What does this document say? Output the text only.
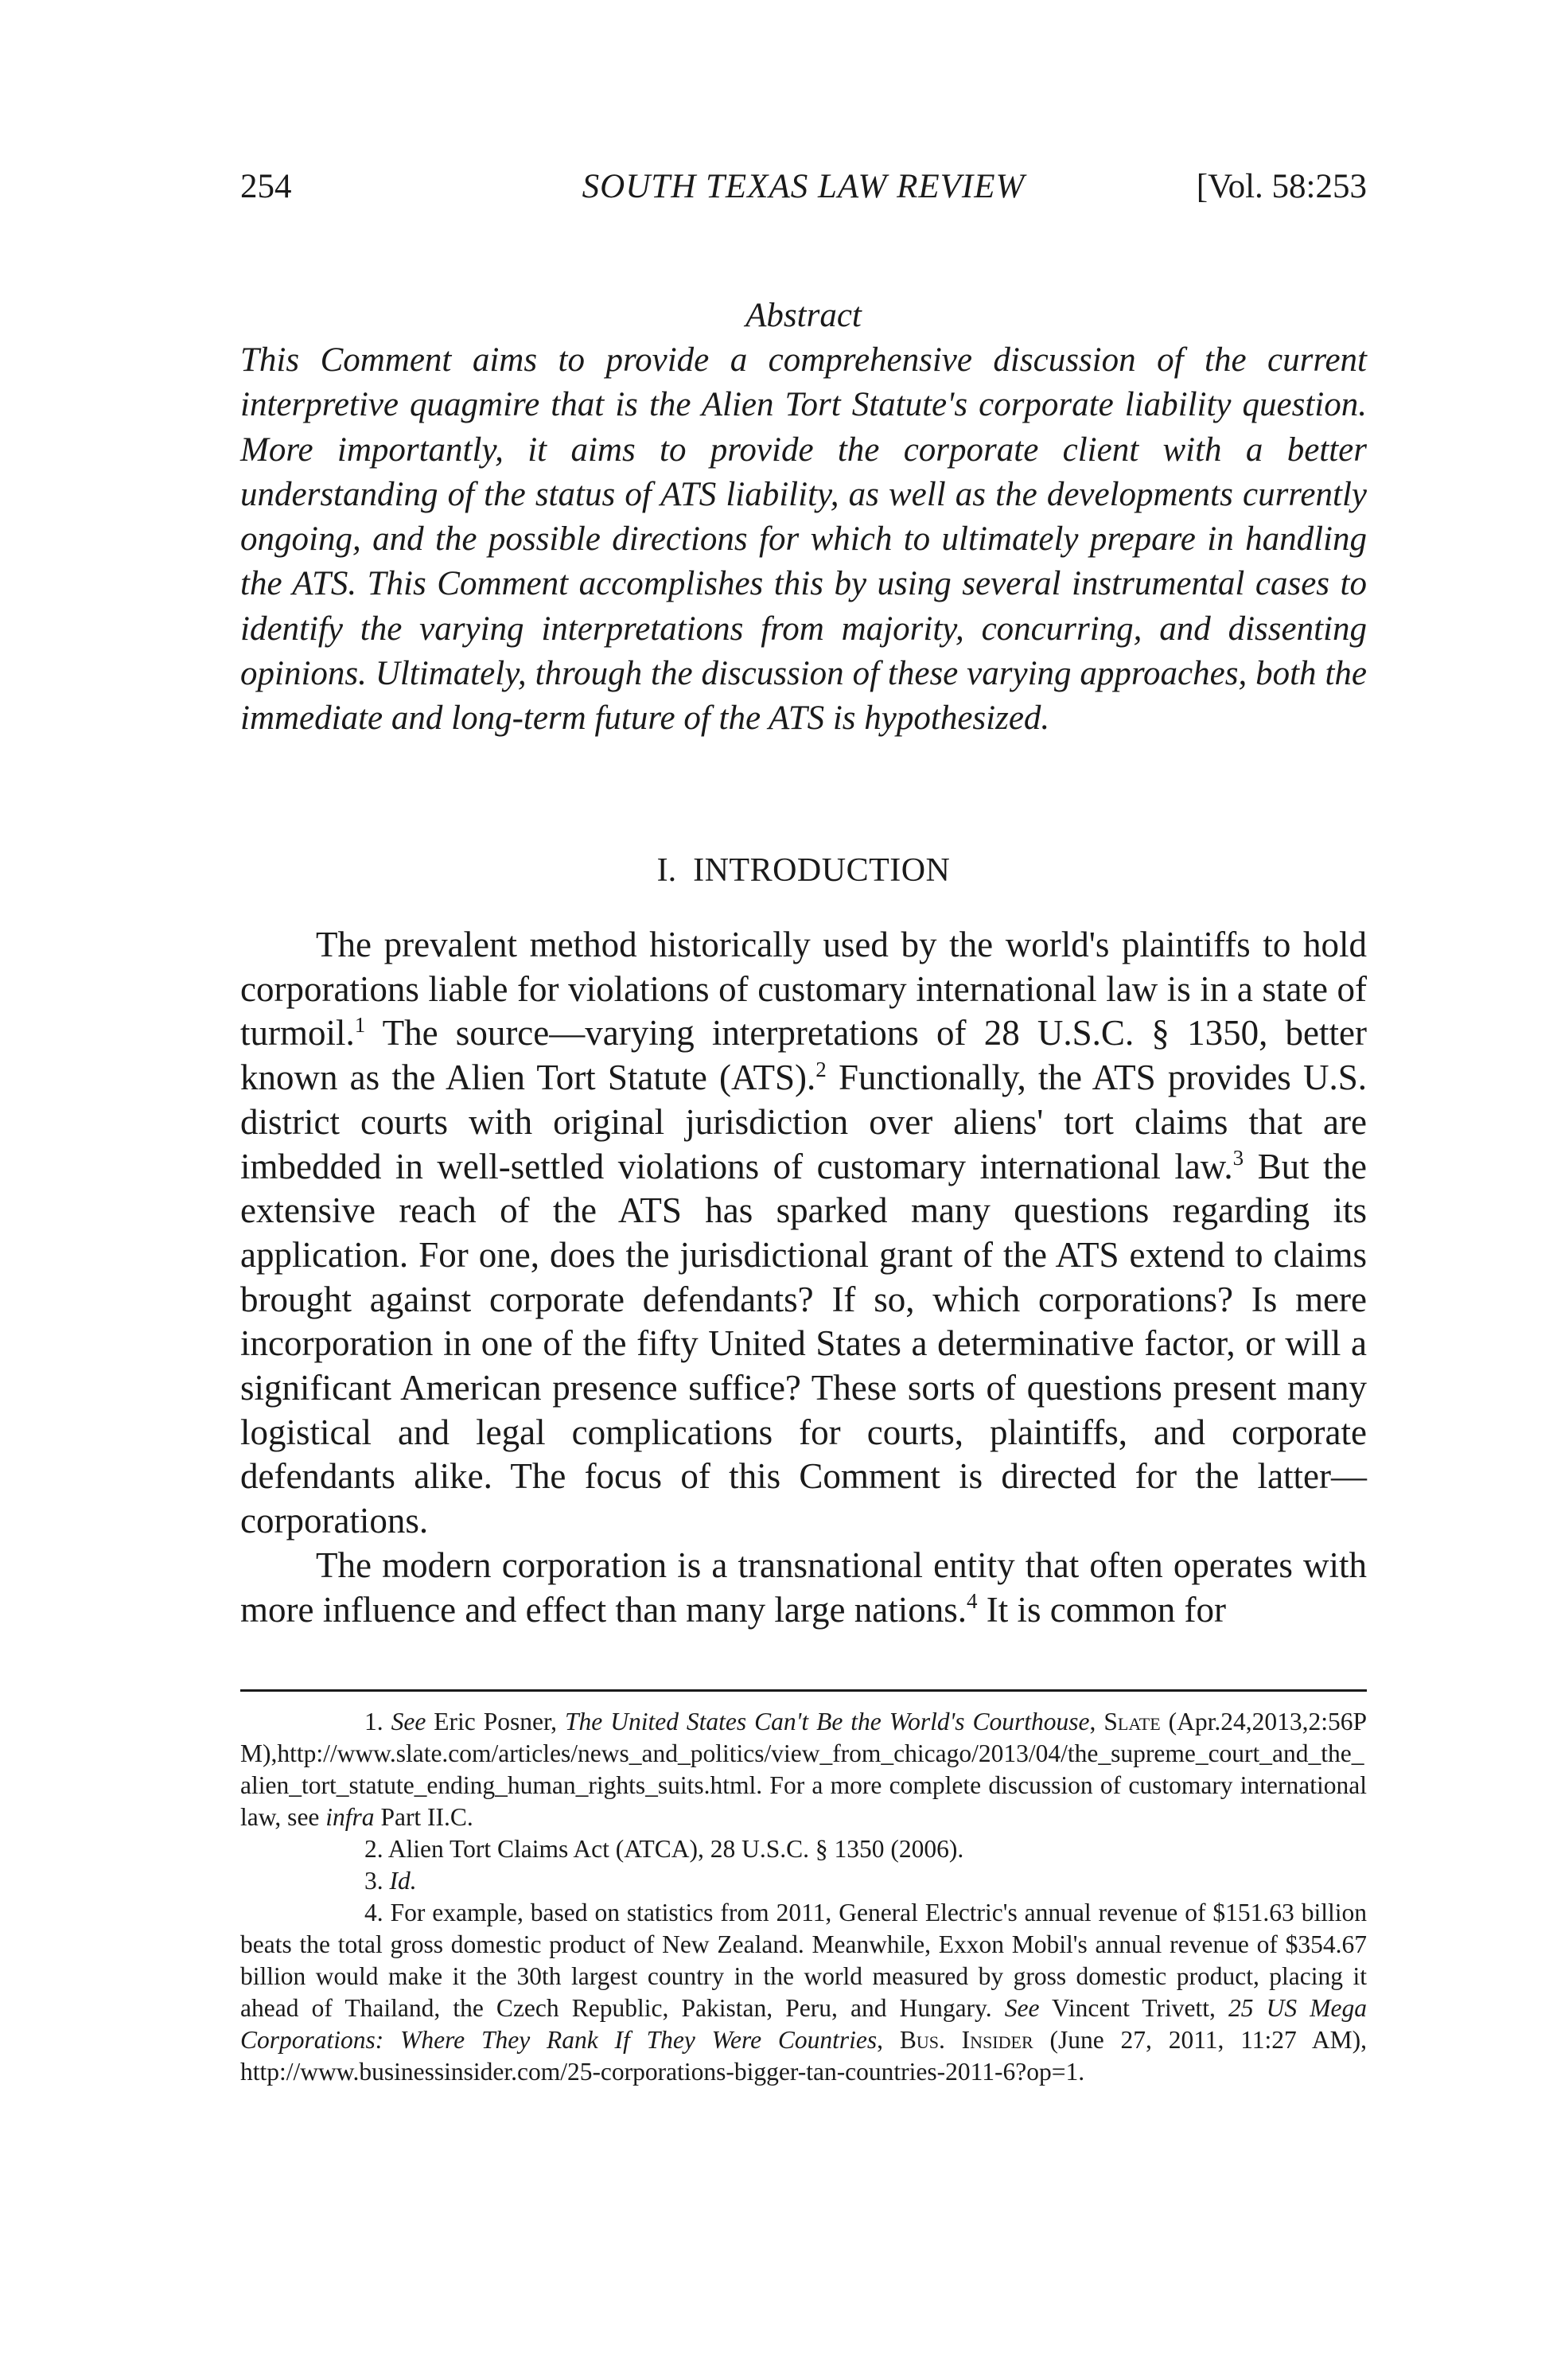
254	SOUTH TEXAS LAW REVIEW	[Vol. 58:253
Abstract
This Comment aims to provide a comprehensive discussion of the current interpretive quagmire that is the Alien Tort Statute's corporate liability question. More importantly, it aims to provide the corporate client with a better understanding of the status of ATS liability, as well as the developments currently ongoing, and the possible directions for which to ultimately prepare in handling the ATS. This Comment accomplishes this by using several instrumental cases to identify the varying interpretations from majority, concurring, and dissenting opinions. Ultimately, through the discussion of these varying approaches, both the immediate and long-term future of the ATS is hypothesized.
I. INTRODUCTION

The prevalent method historically used by the world's plaintiffs to hold corporations liable for violations of customary international law is in a state of turmoil.$^1$ The source—varying interpretations of 28 U.S.C. § 1350, better known as the Alien Tort Statute (ATS).$^2$ Functionally, the ATS provides U.S. district courts with original jurisdiction over aliens' tort claims that are imbedded in well-settled violations of customary international law.$^3$ But the extensive reach of the ATS has sparked many questions regarding its application. For one, does the jurisdictional grant of the ATS extend to claims brought against corporate defendants? If so, which corporations? Is mere incorporation in one of the fifty United States a determinative factor, or will a significant American presence suffice? These sorts of questions present many logistical and legal complications for courts, plaintiffs, and corporate defendants alike. The focus of this Comment is directed for the latter—corporations.

The modern corporation is a transnational entity that often operates with more influence and effect than many large nations.$^4$ It is common for

1. See Eric Posner, The United States Can't Be the World's Courthouse, Slate (Apr.24,2013,2:56PM),http://www.slate.com/articles/news_and_politics/view_from_chicago/2013/04/the_supreme_court_and_the_alien_tort_statute_ending_human_rights_suits.html. For a more complete discussion of customary international law, see infra Part II.C.

2. Alien Tort Claims Act (ATCA), 28 U.S.C. § 1350 (2006).

3. Id.

4. For example, based on statistics from 2011, General Electric's annual revenue of $151.63 billion beats the total gross domestic product of New Zealand. Meanwhile, Exxon Mobil's annual revenue of $354.67 billion would make it the 30th largest country in the world measured by gross domestic product, placing it ahead of Thailand, the Czech Republic, Pakistan, Peru, and Hungary. See Vincent Trivett, 25 US Mega Corporations: Where They Rank If They Were Countries, Bus. Insider (June 27, 2011, 11:27 AM), http://www.businessinsider.com/25-corporations-bigger-tan-countries-2011-6?op=1.
